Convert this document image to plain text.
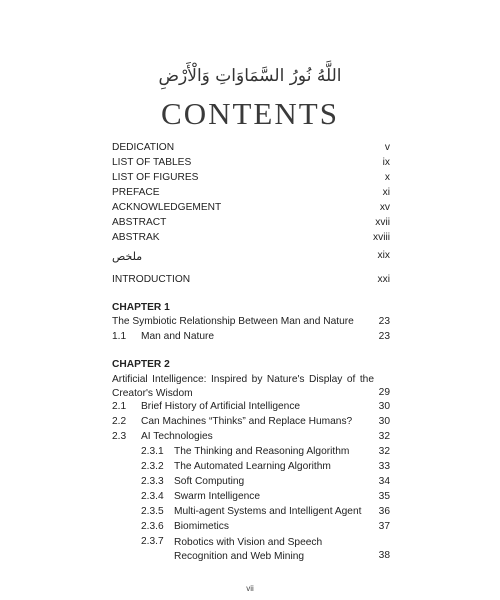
اللَّهُ نُورُ السَّمَاوَاتِ وَالْأَرْضِ
CONTENTS
DEDICATION	v
LIST OF TABLES	ix
LIST OF FIGURES	x
PREFACE	xi
ACKNOWLEDGEMENT	xv
ABSTRACT	xvii
ABSTRAK	xviii
ملخص	xix
INTRODUCTION	xxi
CHAPTER 1
The Symbiotic Relationship Between Man and Nature 23
1.1 Man and Nature	23
CHAPTER 2
Artificial Intelligence: Inspired by Nature's Display of the Creator's Wisdom	29
2.1 Brief History of Artificial Intelligence	30
2.2 Can Machines “Thinks” and Replace Humans?	30
2.3 AI Technologies	32
2.3.1 The Thinking and Reasoning Algorithm	32
2.3.2 The Automated Learning Algorithm	33
2.3.3 Soft Computing	34
2.3.4 Swarm Intelligence	35
2.3.5 Multi-agent Systems and Intelligent Agent 36
2.3.6 Biomimetics	37
2.3.7 Robotics with Vision and Speech Recognition and Web Mining	38
vii
